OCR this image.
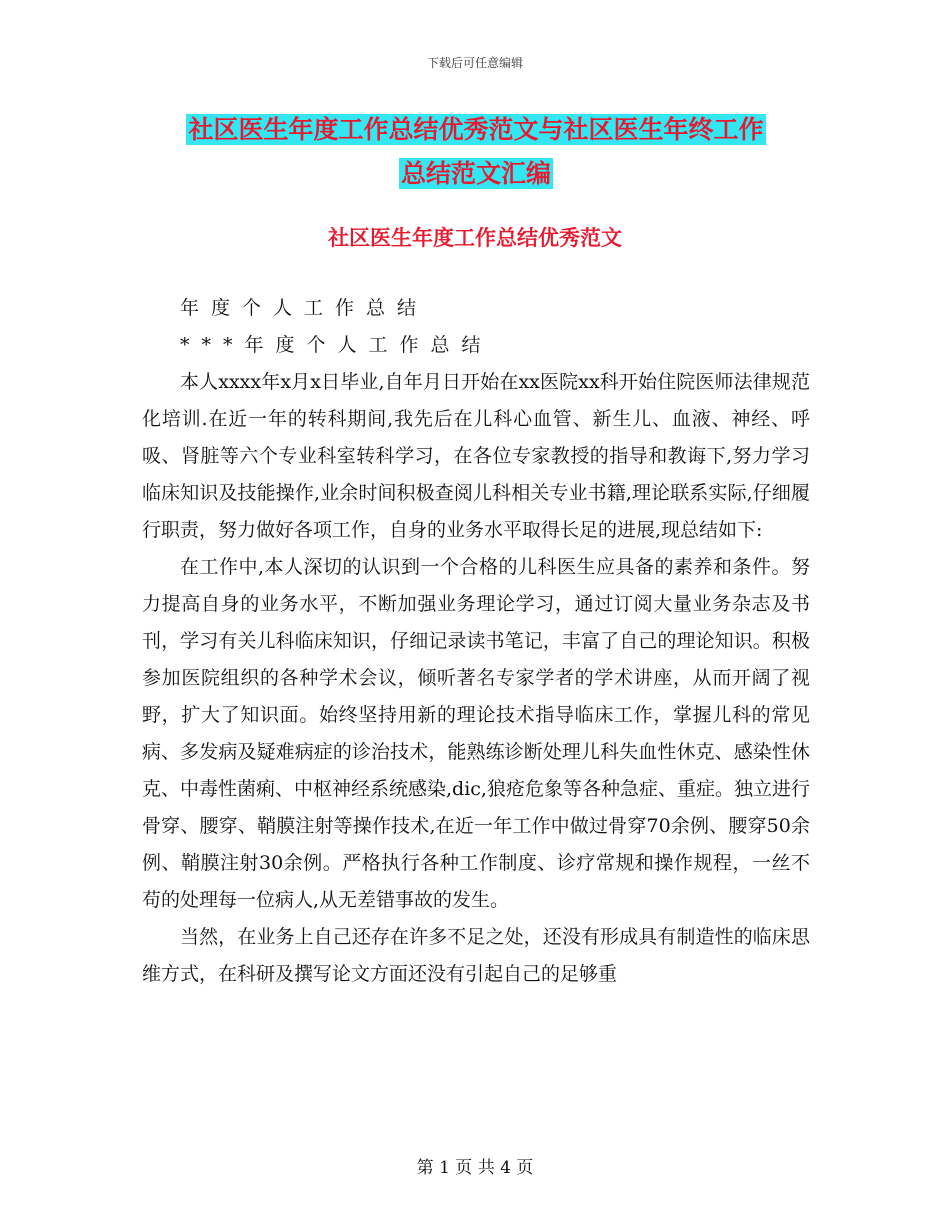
下载后可任意编辑
社区医生年度工作总结优秀范文与社区医生年终工作
总结范文汇编
社区医生年度工作总结优秀范文

年度个人工作总结

***年度个人工作总结

本人xxxx年x月x日毕业,自年月日开始在xx医院xx科开始住院医师法律规范化培训.在近一年的转科期间,我先后在儿科心血管、新生儿、血液、神经、呼吸、肾脏等六个专业科室转科学习，在各位专家教授的指导和教诲下,努力学习临床知识及技能操作,业余时间积极查阅儿科相关专业书籍,理论联系实际,仔细履行职责，努力做好各项工作，自身的业务水平取得长足的进展,现总结如下:

在工作中,本人深切的认识到一个合格的儿科医生应具备的素养和条件。努力提高自身的业务水平，不断加强业务理论学习，通过订阅大量业务杂志及书刊，学习有关儿科临床知识，仔细记录读书笔记，丰富了自己的理论知识。积极参加医院组织的各种学术会议，倾听著名专家学者的学术讲座，从而开阔了视野，扩大了知识面。始终坚持用新的理论技术指导临床工作，掌握儿科的常见病、多发病及疑难病症的诊治技术，能熟练诊断处理儿科失血性休克、感染性休克、中毒性菌痢、中枢神经系统感染,dic,狼疮危象等各种急症、重症。独立进行骨穿、腰穿、鞘膜注射等操作技术,在近一年工作中做过骨穿70余例、腰穿50余例、鞘膜注射30余例。严格执行各种工作制度、诊疗常规和操作规程，一丝不苟的处理每一位病人,从无差错事故的发生。

当然，在业务上自己还存在许多不足之处，还没有形成具有制造性的临床思维方式，在科研及撰写论文方面还没有引起自己的足够重

第 1 页 共 4 页
